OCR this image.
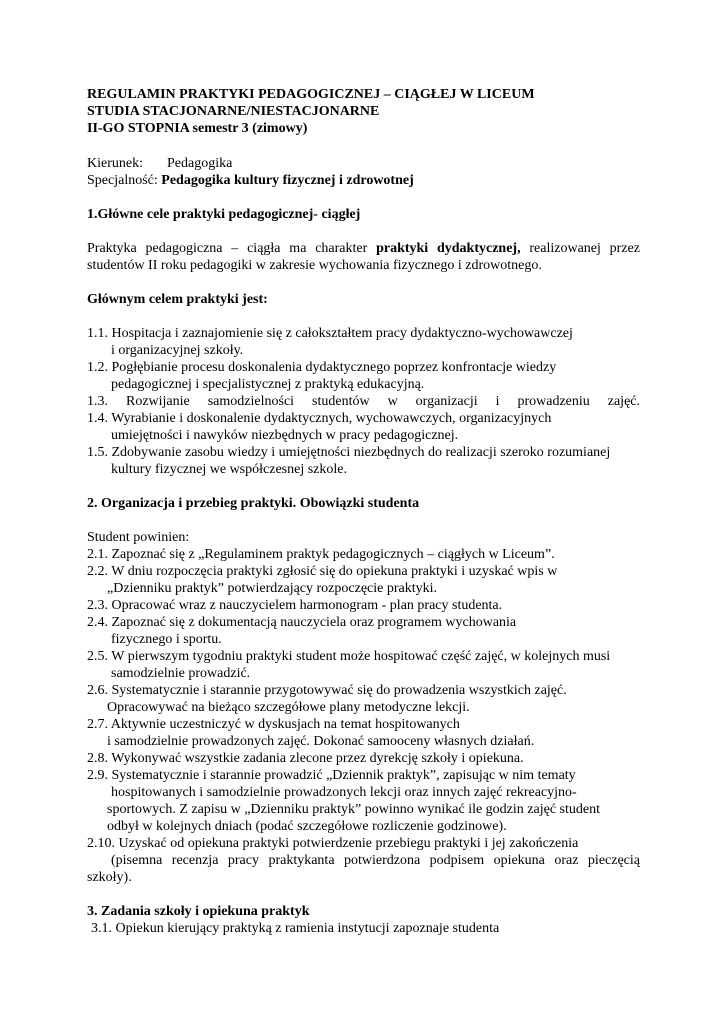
REGULAMIN PRAKTYKI PEDAGOGICZNEJ – CIĄGŁEJ W LICEUM

STUDIA STACJONARNE/NIESTACJONARNE

II-GO STOPNIA semestr 3 (zimowy)

Kierunek: Pedagogika

Specjalność: Pedagogika kultury fizycznej i zdrowotnej

1.Główne cele praktyki pedagogicznej- ciągłej

Praktyka pedagogiczna – ciągła ma charakter praktyki dydaktycznej, realizowanej przez

studentów II roku pedagogiki w zakresie wychowania fizycznego i zdrowotnego.

Głównym celem praktyki jest:

1.1. Hospitacja i zaznajomienie się z całokształtem pracy dydaktyczno-wychowawczej

i organizacyjnej szkoły.

1.2. Pogłębianie procesu doskonalenia dydaktycznego poprzez konfrontacje wiedzy

pedagogicznej i specjalistycznej z praktyką edukacyjną.

1.3. Rozwijanie samodzielności studentów w organizacji i prowadzeniu zajęć.

1.4. Wyrabianie i doskonalenie dydaktycznych, wychowawczych, organizacyjnych

umiejętności i nawyków niezbędnych w pracy pedagogicznej.

1.5. Zdobywanie zasobu wiedzy i umiejętności niezbędnych do realizacji szeroko rozumianej

kultury fizycznej we współczesnej szkole.

2. Organizacja i przebieg praktyki. Obowiązki studenta

Student powinien:

2.1. Zapoznać się z „Regulaminem praktyk pedagogicznych – ciągłych w Liceum”.

2.2. W dniu rozpoczęcia praktyki zgłosić się do opiekuna praktyki i uzyskać wpis w

„Dzienniku praktyk” potwierdzający rozpoczęcie praktyki.

2.3. Opracować wraz z nauczycielem harmonogram - plan pracy studenta.

2.4. Zapoznać się z dokumentacją nauczyciela oraz programem wychowania

fizycznego i sportu.

2.5. W pierwszym tygodniu praktyki student może hospitować część zajęć, w kolejnych musi

samodzielnie prowadzić.

2.6. Systematycznie i starannie przygotowywać się do prowadzenia wszystkich zajęć.

Opracowywać na bieżąco szczegółowe plany metodyczne lekcji.

2.7. Aktywnie uczestniczyć w dyskusjach na temat hospitowanych

i samodzielnie prowadzonych zajęć. Dokonać samooceny własnych działań.

2.8. Wykonywać wszystkie zadania zlecone przez dyrekcję szkoły i opiekuna.

2.9. Systematycznie i starannie prowadzić „Dziennik praktyk”, zapisując w nim tematy

hospitowanych i samodzielnie prowadzonych lekcji oraz innych zajęć rekreacyjno-

sportowych. Z zapisu w „Dzienniku praktyk” powinno wynikać ile godzin zajęć student

odbył w kolejnych dniach (podać szczegółowe rozliczenie godzinowe).

2.10. Uzyskać od opiekuna praktyki potwierdzenie przebiegu praktyki i jej zakończenia

(pisemna recenzja pracy praktykanta potwierdzona podpisem opiekuna oraz pieczęcią

szkoły).

3. Zadania szkoły i opiekuna praktyk

3.1. Opiekun kierujący praktyką z ramienia instytucji zapoznaje studenta
